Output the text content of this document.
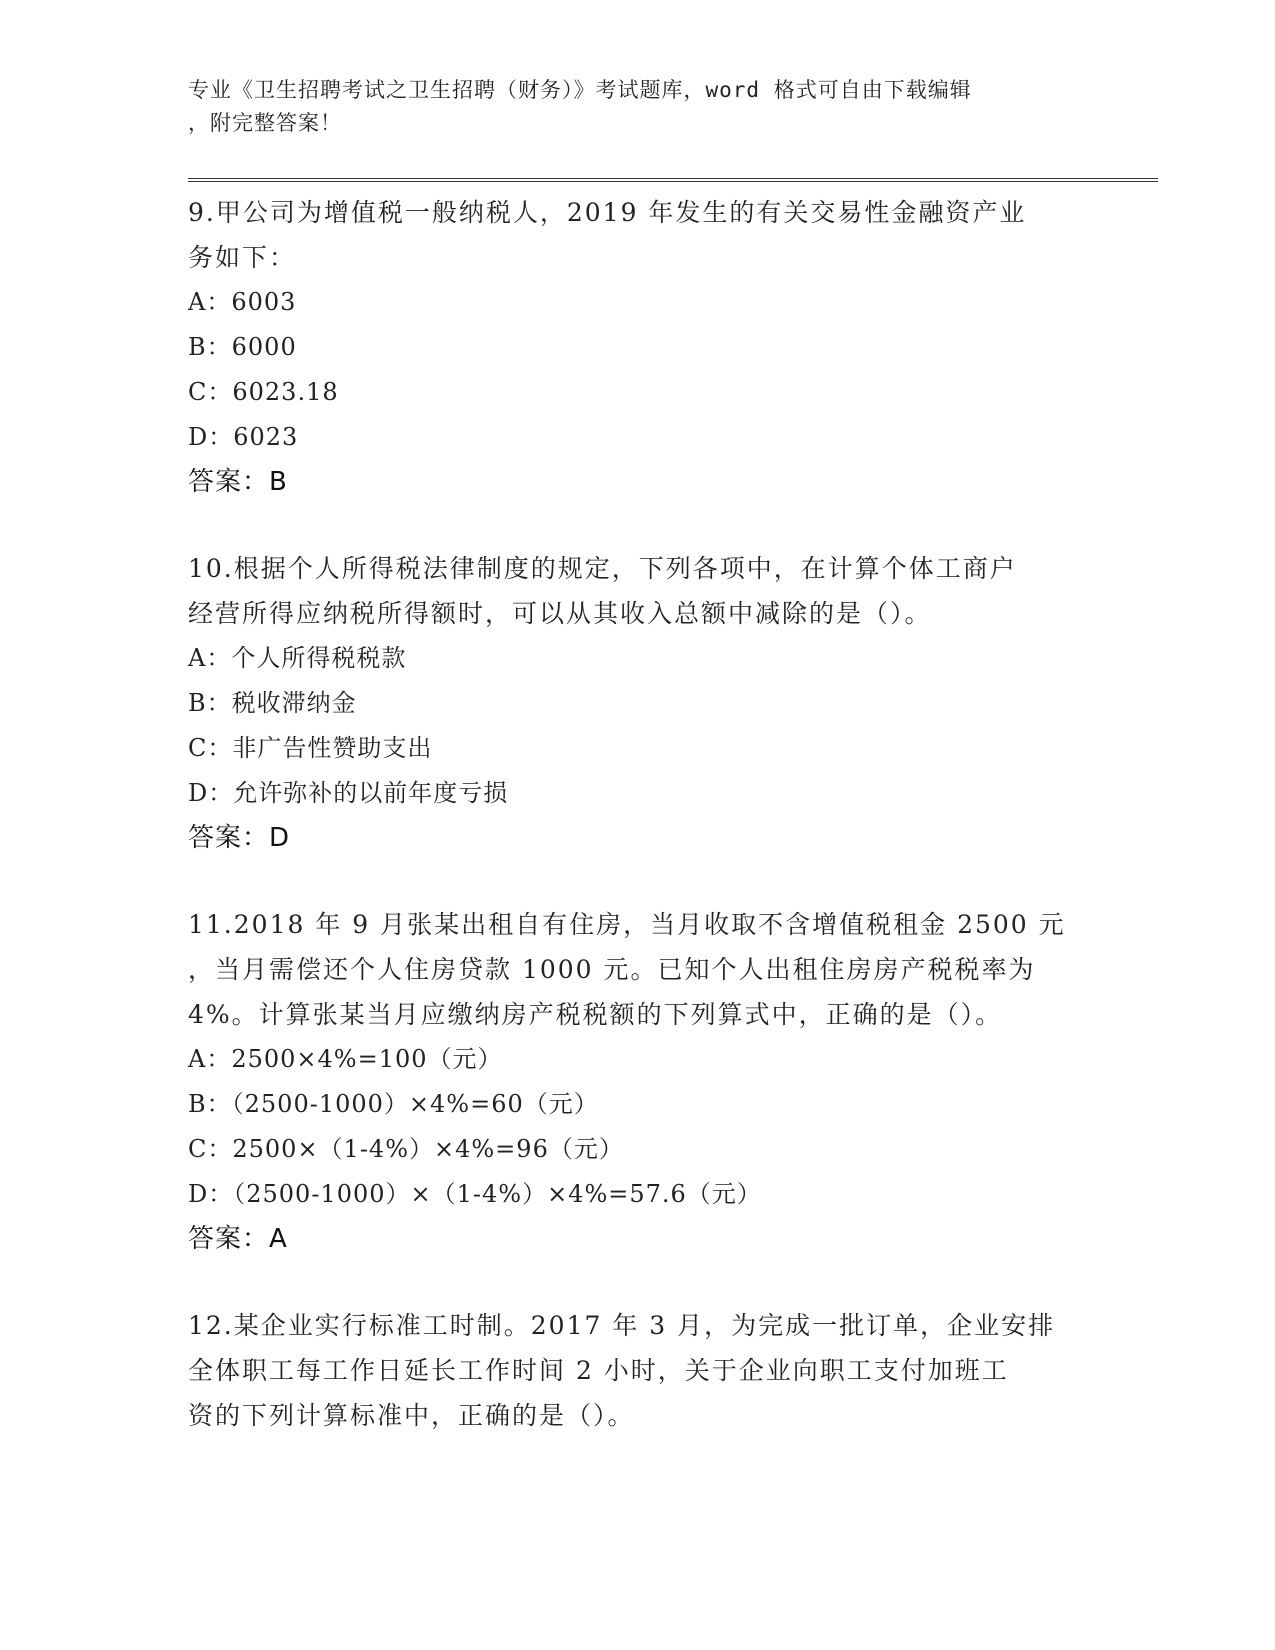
专业《卫生招聘考试之卫生招聘（财务）》考试题库，word 格式可自由下载编辑

，附完整答案！

9.甲公司为增值税一般纳税人，2019 年发生的有关交易性金融资产业

务如下：

A：6003

B：6000

C：6023.18

D：6023

答案：B

10.根据个人所得税法律制度的规定，下列各项中，在计算个体工商户

经营所得应纳税所得额时，可以从其收入总额中减除的是（）。

A：个人所得税税款

B：税收滞纳金

C：非广告性赞助支出

D：允许弥补的以前年度亏损

答案：D

11.2018 年 9 月张某出租自有住房，当月收取不含增值税租金 2500 元

，当月需偿还个人住房贷款 1000 元。已知个人出租住房房产税税率为

4%。计算张某当月应缴纳房产税税额的下列算式中，正确的是（）。

A：2500×4%=100（元）

B：（2500-1000）×4%=60（元）

C：2500×（1-4%）×4%=96（元）

D：（2500-1000）×（1-4%）×4%=57.6（元）

答案：A

12.某企业实行标准工时制。2017 年 3 月，为完成一批订单，企业安排

全体职工每工作日延长工作时间 2 小时，关于企业向职工支付加班工

资的下列计算标准中，正确的是（）。
